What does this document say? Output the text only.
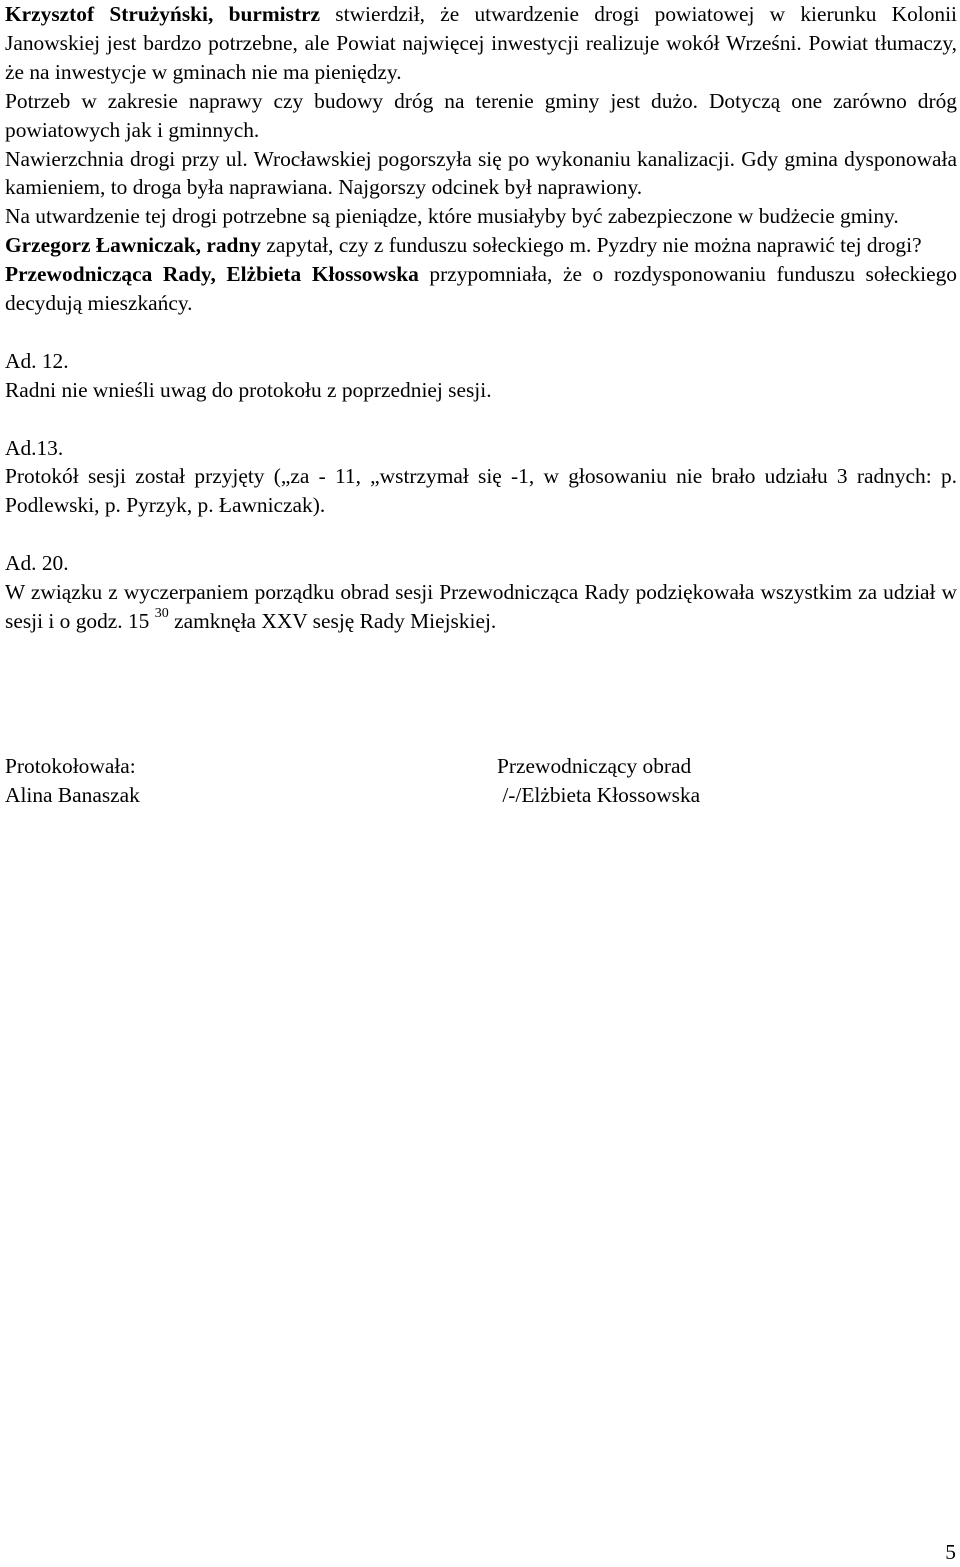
Krzysztof Strużyński, burmistrz stwierdził, że utwardzenie drogi powiatowej w kierunku Kolonii Janowskiej jest bardzo potrzebne, ale Powiat najwięcej inwestycji realizuje wokół Wrześni. Powiat tłumaczy, że na inwestycje w gminach nie ma pieniędzy.

Potrzeb w zakresie naprawy czy budowy dróg na terenie gminy jest dużo. Dotyczą one zarówno dróg powiatowych jak i gminnych.

Nawierzchnia drogi przy ul. Wrocławskiej pogorszyła się po wykonaniu kanalizacji. Gdy gmina dysponowała kamieniem, to droga była naprawiana. Najgorszy odcinek był naprawiony.

Na utwardzenie tej drogi potrzebne są pieniądze, które musiałyby być zabezpieczone w budżecie gminy.

Grzegorz Ławniczak, radny zapytał, czy z funduszu sołeckiego m. Pyzdry nie można naprawić tej drogi?

Przewodnicząca Rady, Elżbieta Kłossowska przypomniała, że o rozdysponowaniu funduszu sołeckiego decydują mieszkańcy.

Ad. 12.

Radni nie wnieśli uwag do protokołu z poprzedniej sesji.

Ad.13.

Protokół sesji został przyjęty („za - 11, „wstrzymał się -1, w głosowaniu nie brało udziału 3 radnych: p. Podlewski, p. Pyrzyk, p. Ławniczak).

Ad. 20.

W związku z wyczerpaniem porządku obrad sesji Przewodnicząca Rady podziękowała wszystkim za udział w sesji i o godz. 15 $^{30}$ zamknęła XXV sesję Rady Miejskiej.

Protokołowała:
Alina Banaszak
Przewodniczący obrad
/-/Elżbieta Kłossowska
5
